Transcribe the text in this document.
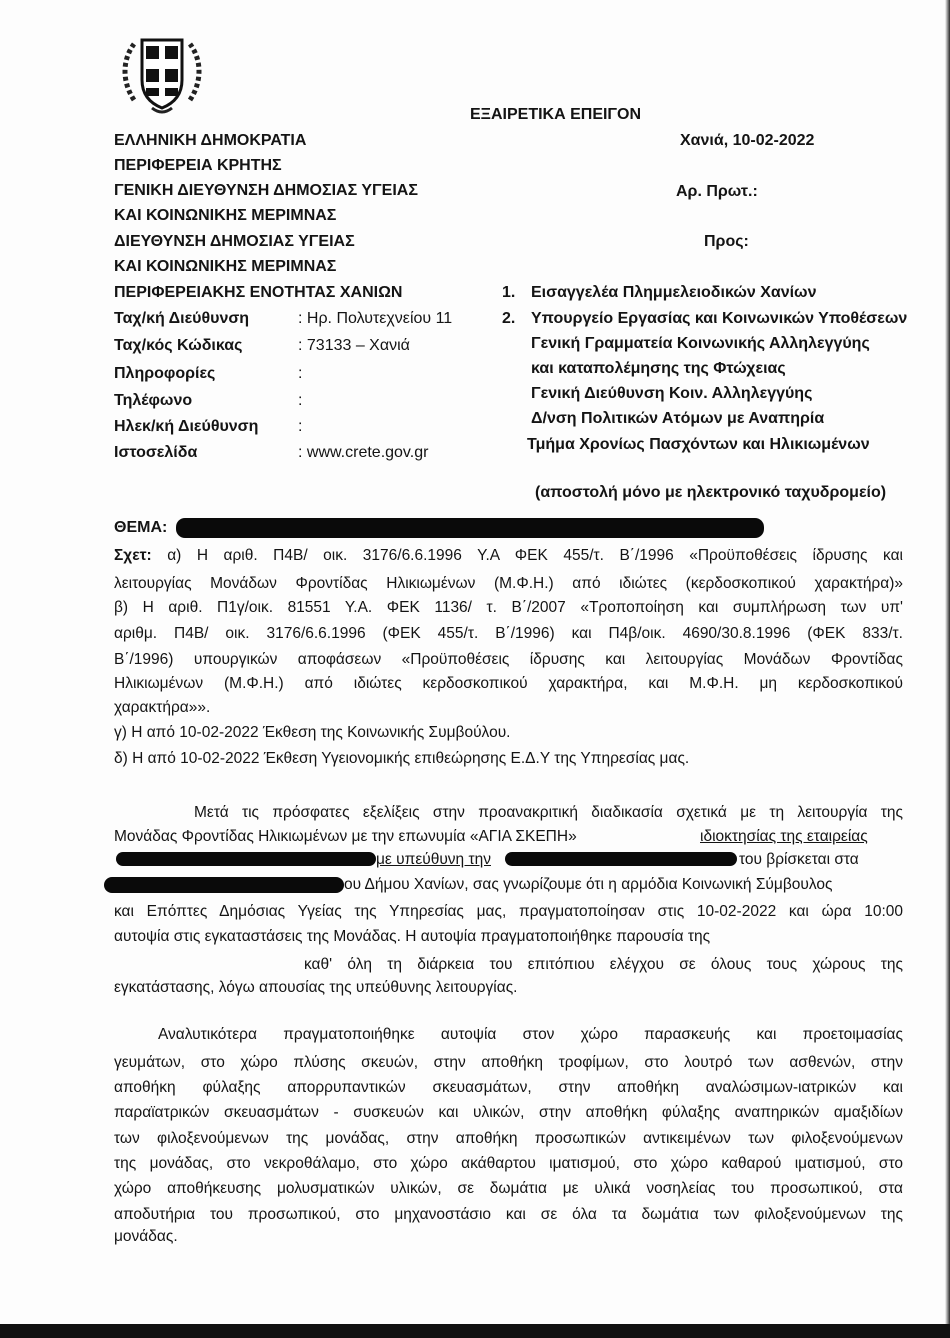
ΕΞΑΙΡΕΤΙΚΑ ΕΠΕΙΓΟΝ
Χανιά, 10-02-2022
Αρ. Πρωτ.:
Προς:
ΕΛΛΗΝΙΚΗ ΔΗΜΟΚΡΑΤΙΑ
ΠΕΡΙΦΕΡΕΙΑ ΚΡΗΤΗΣ
ΓΕΝΙΚΗ ΔΙΕΥΘΥΝΣΗ ΔΗΜΟΣΙΑΣ ΥΓΕΙΑΣ
ΚΑΙ ΚΟΙΝΩΝΙΚΗΣ ΜΕΡΙΜΝΑΣ
ΔΙΕΥΘΥΝΣΗ ΔΗΜΟΣΙΑΣ ΥΓΕΙΑΣ
ΚΑΙ ΚΟΙΝΩΝΙΚΗΣ ΜΕΡΙΜΝΑΣ
ΠΕΡΙΦΕΡΕΙΑΚΗΣ ΕΝΟΤΗΤΑΣ ΧΑΝΙΩΝ
Ταχ/κή Διεύθυνση	: Ηρ. Πολυτεχνείου 11
Ταχ/κός Κώδικας	: 73133 – Χανιά
Πληροφορίες	:
Τηλέφωνο	:
Ηλεκ/κή Διεύθυνση :
Ιστοσελίδα	: www.crete.gov.gr
1. Εισαγγελέα Πλημμελειοδικών Χανίων
2. Υπουργείο Εργασίας και Κοινωνικών Υποθέσεων
Γενική Γραμματεία Κοινωνικής Αλληλεγγύης
και καταπολέμησης της Φτώχειας
Γενική Διεύθυνση Κοιν. Αλληλεγγύης
Δ/νση Πολιτικών Ατόμων με Αναπηρία
Τμήμα Χρονίως Πασχόντων και Ηλικιωμένων
(αποστολή μόνο με ηλεκτρονικό ταχυδρομείο)
ΘΕΜΑ:
Σχετ: α) Η αριθ. Π4Β/ οικ. 3176/6.6.1996 Υ.Α ΦΕΚ 455/τ. Β΄/1996 «Προϋποθέσεις ίδρυσης και
λειτουργίας Μονάδων Φροντίδας Ηλικιωμένων (Μ.Φ.Η.) από ιδιώτες (κερδοσκοπικού χαρακτήρα)»
β) Η αριθ. Π1γ/οικ. 81551 Υ.Α. ΦΕΚ 1136/ τ. Β΄/2007 «Τροποποίηση και συμπλήρωση των υπ'
αριθμ. Π4Β/ οικ. 3176/6.6.1996 (ΦΕΚ 455/τ. Β΄/1996) και Π4β/οικ. 4690/30.8.1996 (ΦΕΚ 833/τ.
Β΄/1996) υπουργικών αποφάσεων «Προϋποθέσεις ίδρυσης και λειτουργίας Μονάδων Φροντίδας
Ηλικιωμένων (Μ.Φ.Η.) από ιδιώτες κερδοσκοπικού χαρακτήρα, και Μ.Φ.Η. μη κερδοσκοπικού
χαρακτήρα»».
γ) Η από 10-02-2022 Έκθεση της Κοινωνικής Συμβούλου.
δ) Η από 10-02-2022 Έκθεση Υγειονομικής επιθεώρησης Ε.Δ.Υ της Υπηρεσίας μας.
Μετά τις πρόσφατες εξελίξεις στην προανακριτική διαδικασία σχετικά με τη λειτουργία της
Μονάδας Φροντίδας Ηλικιωμένων με την επωνυμία «ΑΓΙΑ ΣΚΕΠΗ»	ιδιοκτησίας της εταιρείας
με υπεύθυνη την	του βρίσκεται στα
ου Δήμου Χανίων, σας γνωρίζουμε ότι η αρμόδια Κοινωνική Σύμβουλος
και Επόπτες Δημόσιας Υγείας της Υπηρεσίας μας, πραγματοποίησαν στις 10-02-2022 και ώρα 10:00
αυτοψία στις εγκαταστάσεις της Μονάδας. Η αυτοψία πραγματοποιήθηκε παρουσία της
καθ' όλη τη διάρκεια του επιτόπιου ελέγχου σε όλους τους χώρους της
εγκατάστασης, λόγω απουσίας της υπεύθυνης λειτουργίας.
Αναλυτικότερα πραγματοποιήθηκε αυτοψία στον χώρο παρασκευής και προετοιμασίας
γευμάτων, στο χώρο πλύσης σκευών, στην αποθήκη τροφίμων, στο λουτρό των ασθενών, στην
αποθήκη φύλαξης απορρυπαντικών σκευασμάτων, στην αποθήκη αναλώσιμων-ιατρικών και
παραϊατρικών σκευασμάτων - συσκευών και υλικών, στην αποθήκη φύλαξης αναπηρικών αμαξιδίων
των φιλοξενούμενων της μονάδας, στην αποθήκη προσωπικών αντικειμένων των φιλοξενούμενων
της μονάδας, στο νεκροθάλαμο, στο χώρο ακάθαρτου ιματισμού, στο χώρο καθαρού ιματισμού, στο
χώρο αποθήκευσης μολυσματικών υλικών, σε δωμάτια με υλικά νοσηλείας του προσωπικού, στα
αποδυτήρια του προσωπικού, στο μηχανοστάσιο και σε όλα τα δωμάτια των φιλοξενούμενων της
μονάδας.
